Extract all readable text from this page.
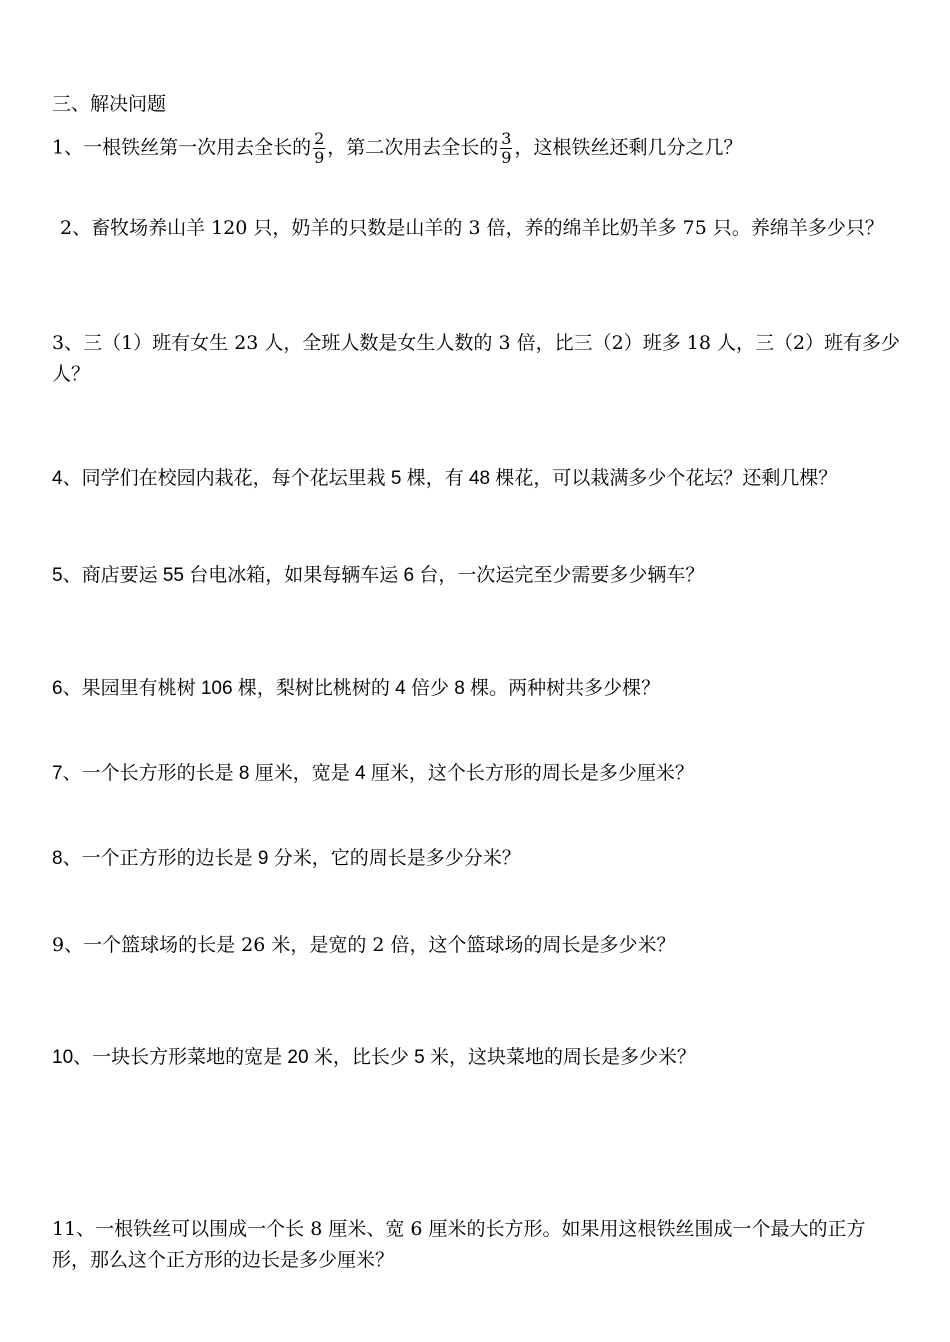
三、解决问题
1、一根铁丝第一次用去全长的 $\frac{2}{9}$ ，第二次用去全长的 $\frac{3}{9}$ ，这根铁丝还剩几分之几？
2、畜牧场养山羊 120 只，奶羊的只数是山羊的 3 倍，养的绵羊比奶羊多 75 只。养绵羊多少只？
3、三（1）班有女生 23 人，全班人数是女生人数的 3 倍，比三（2）班多 18 人，三（2）班有多少人？
4、同学们在校园内栽花，每个花坛里栽 5 棵，有 48 棵花，可以栽满多少个花坛？还剩几棵？
5、商店要运 55 台电冰箱，如果每辆车运 6 台，一次运完至少需要多少辆车？
6、果园里有桃树 106 棵，梨树比桃树的 4 倍少 8 棵。两种树共多少棵？
7、一个长方形的长是 8 厘米，宽是 4 厘米，这个长方形的周长是多少厘米？
8、一个正方形的边长是 9 分米，它的周长是多少分米？
9、一个篮球场的长是 26 米，是宽的 2 倍，这个篮球场的周长是多少米？
10、一块长方形菜地的宽是 20 米，比长少 5 米，这块菜地的周长是多少米？
11、一根铁丝可以围成一个长 8 厘米、宽 6 厘米的长方形。如果用这根铁丝围成一个最大的正方形，那么这个正方形的边长是多少厘米？
